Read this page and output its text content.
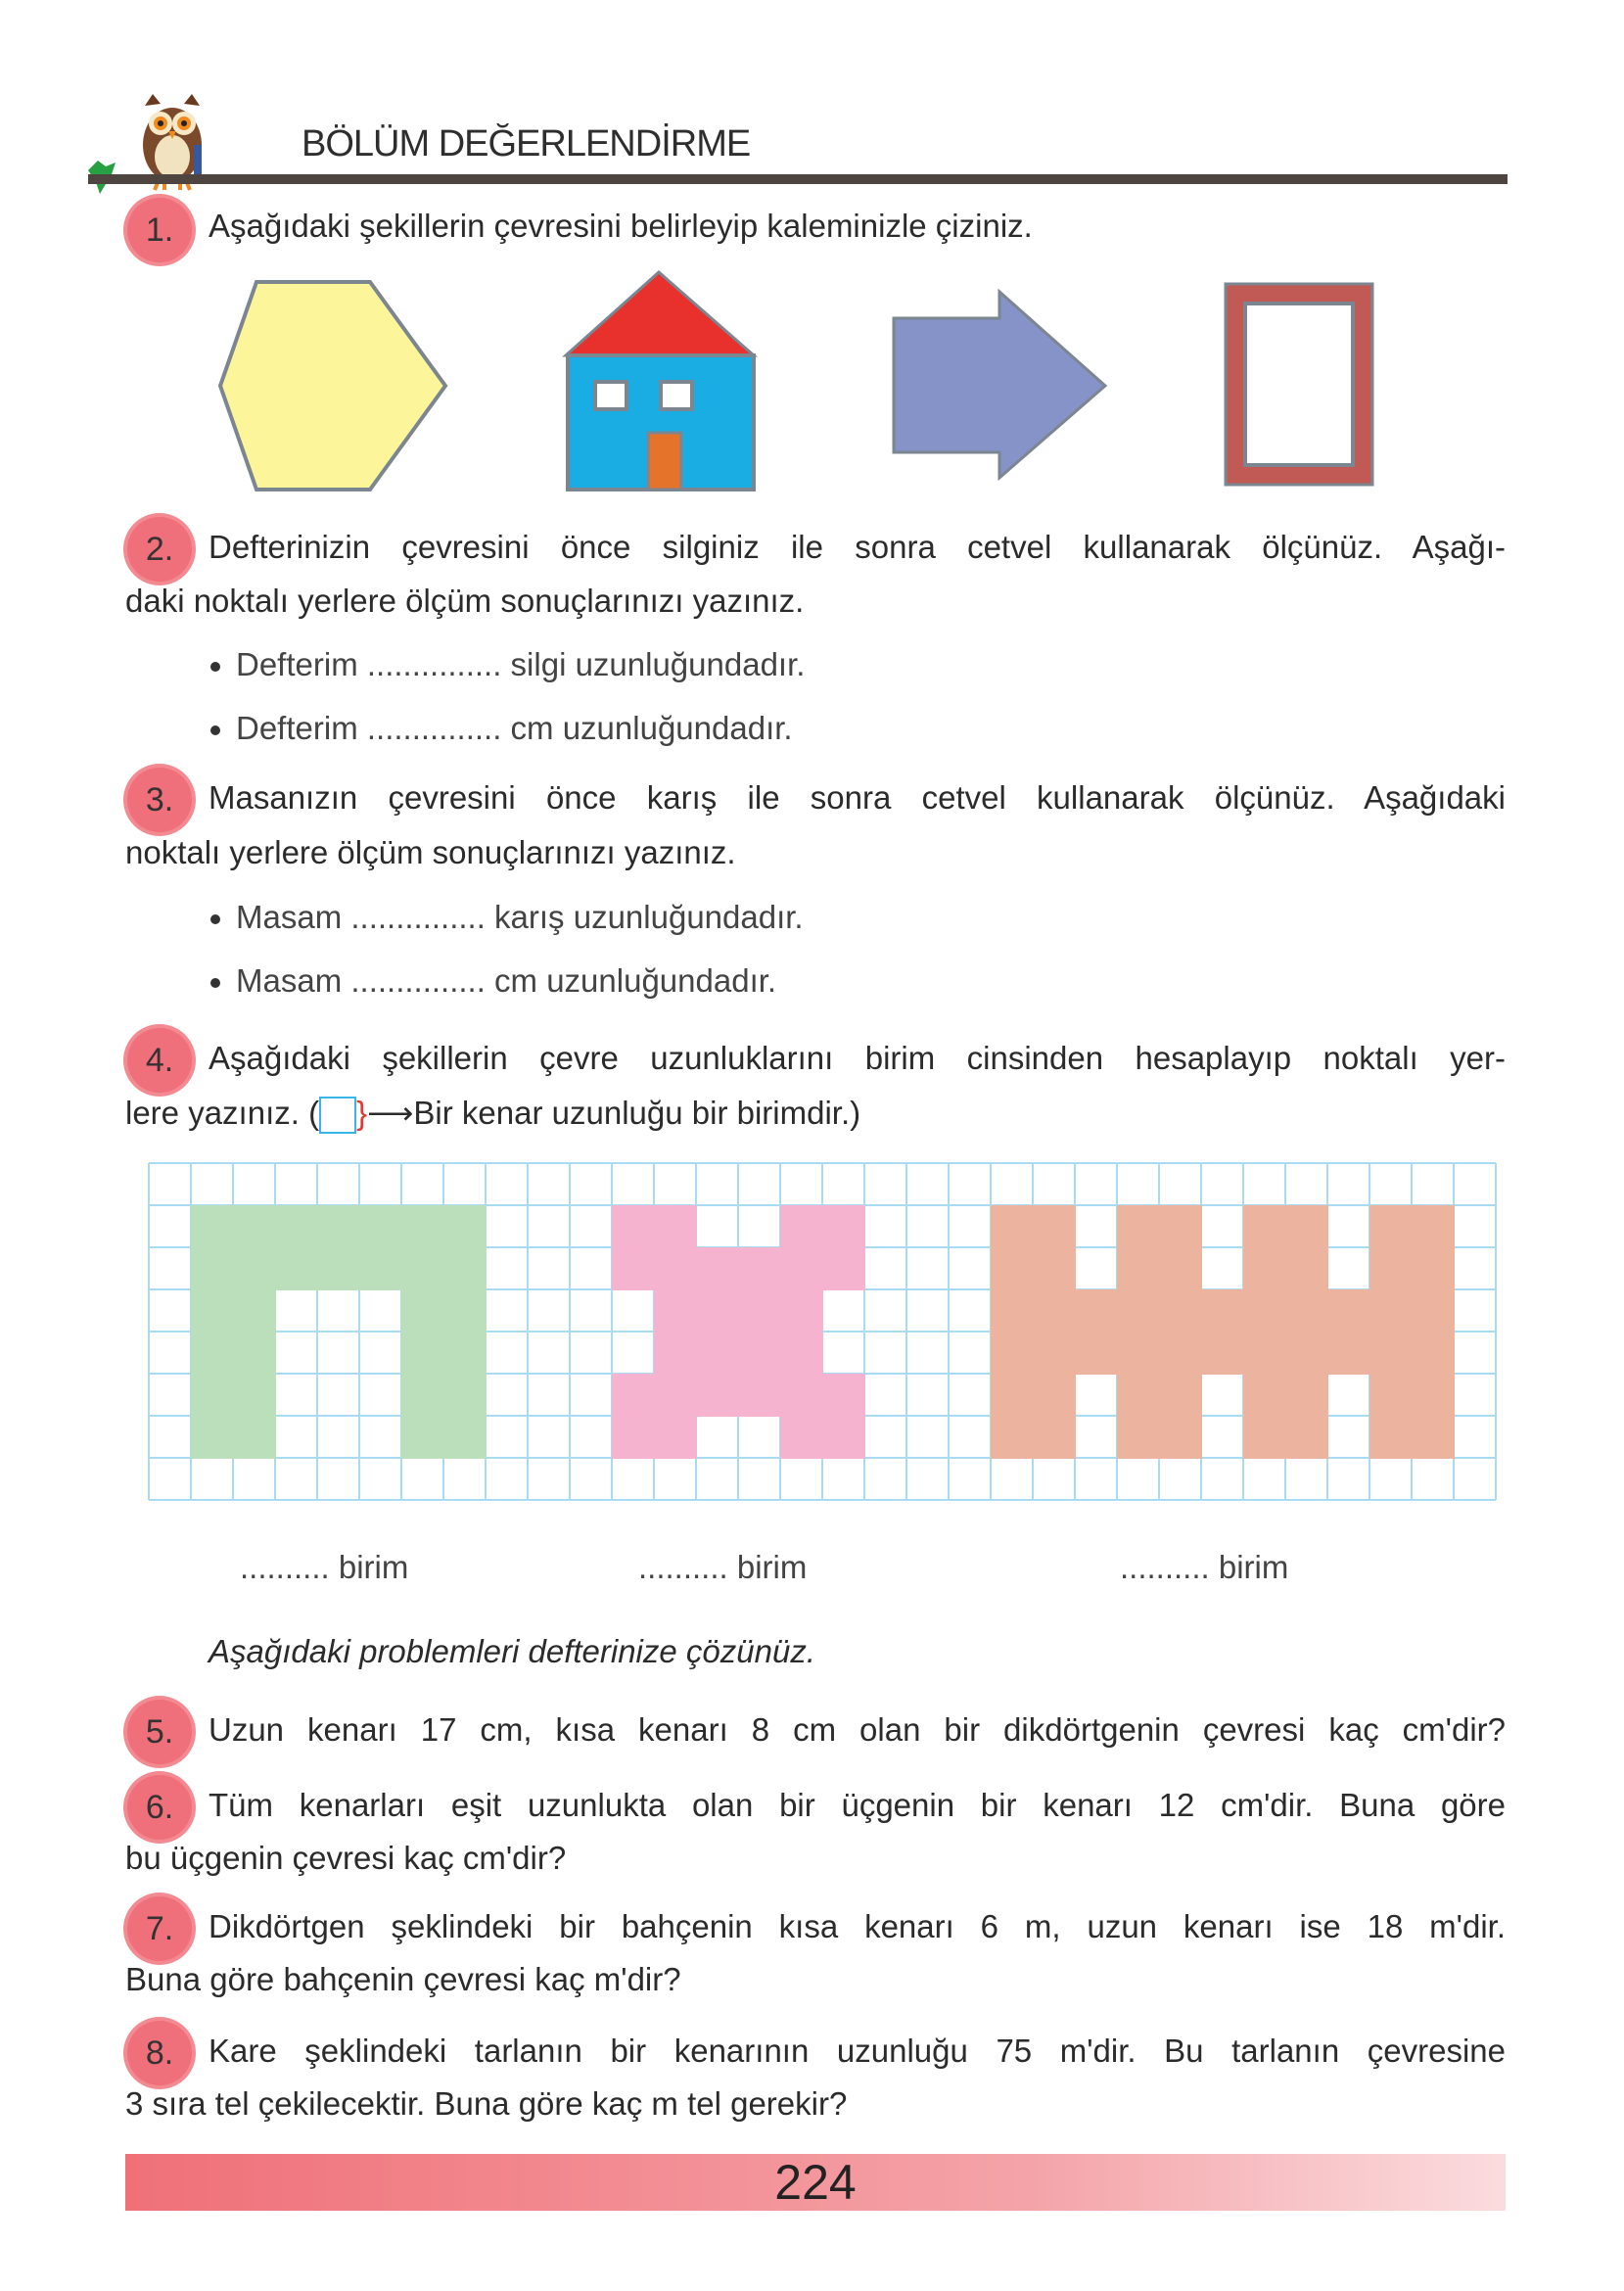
BÖLÜM DEĞERLENDİRME
1.	Aşağıdaki şekillerin çevresini belirleyip kaleminizle çiziniz.
2.	Defterinizin çevresini önce silginiz ile sonra cetvel kullanarak ölçünüz. Aşağı-
daki noktalı yerlere ölçüm sonuçlarınızı yazınız.
Defterim ............... silgi uzunluğundadır.
Defterim ............... cm uzunluğundadır.
3.	Masanızın çevresini önce karış ile sonra cetvel kullanarak ölçünüz. Aşağıdaki
noktalı yerlere ölçüm sonuçlarınızı yazınız.
Masam ............... karış uzunluğundadır.
Masam ............... cm uzunluğundadır.
4.	Aşağıdaki şekillerin çevre uzunluklarını birim cinsinden hesaplayıp noktalı yer-
lere yazınız. ( }⟶Bir kenar uzunluğu bir birimdir.)
.......... birim	.......... birim	.......... birim
Aşağıdaki problemleri defterinize çözünüz.
5.	Uzun kenarı 17 cm, kısa kenarı 8 cm olan bir dikdörtgenin çevresi kaç cm'dir?
6.	Tüm kenarları eşit uzunlukta olan bir üçgenin bir kenarı 12 cm'dir. Buna göre
bu üçgenin çevresi kaç cm'dir?
7.	Dikdörtgen şeklindeki bir bahçenin kısa kenarı 6 m, uzun kenarı ise 18 m'dir.
Buna göre bahçenin çevresi kaç m'dir?
8.	Kare şeklindeki tarlanın bir kenarının uzunluğu 75 m'dir. Bu tarlanın çevresine
3 sıra tel çekilecektir. Buna göre kaç m tel gerekir?
224
